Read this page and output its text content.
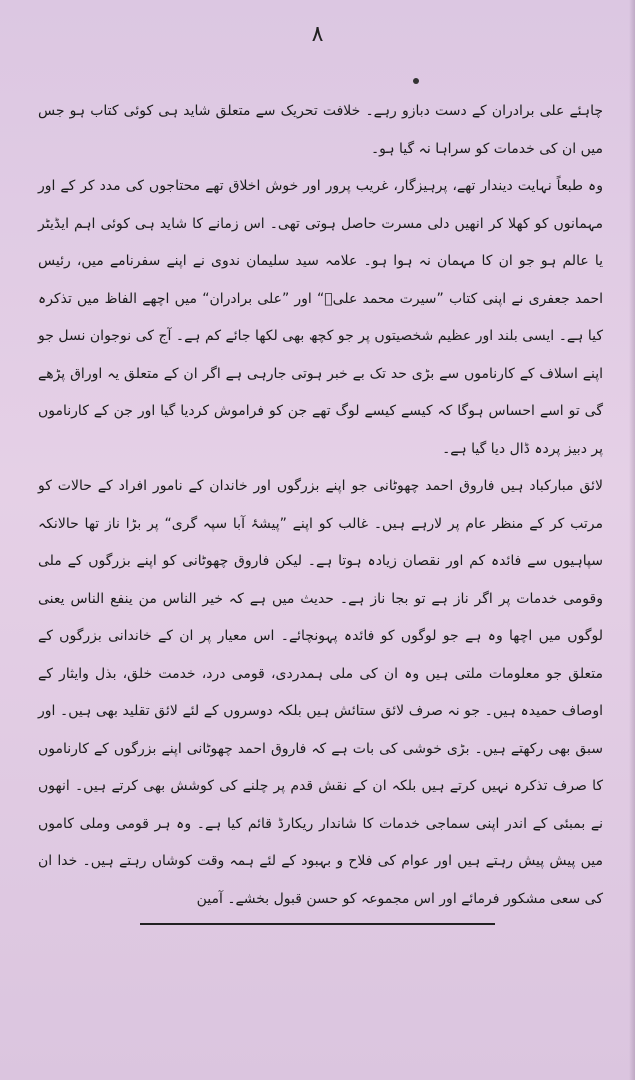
۸

چاہئے علی برادران کے دست دبازو رہے۔ خلافت تحریک سے متعلق شاید ہی کوئی کتاب ہو جس میں ان کی خدمات کو سراہا نہ گیا ہو۔

وہ طبعاً نہایت دیندار تھے، پرہیزگار، غریب پرور اور خوش اخلاق تھے محتاجوں کی مدد کر کے اور مہمانوں کو کھلا کر انھیں دلی مسرت حاصل ہوتی تھی۔ اس زمانے کا شاید ہی کوئی اہم ایڈیٹر یا عالم ہو جو ان کا مہمان نہ ہوا ہو۔ علامہ سید سلیمان ندوی نے اپنے سفرنامے میں، رئیس احمد جعفری نے اپنی کتاب ”سیرت محمد علیؒ“ اور ”علی برادران“ میں اچھے الفاظ میں تذکرہ کیا ہے۔ ایسی بلند اور عظیم شخصیتوں پر جو کچھ بھی لکھا جائے کم ہے۔ آج کی نوجوان نسل جو اپنے اسلاف کے کارناموں سے بڑی حد تک بے خبر ہوتی جارہی ہے اگر ان کے متعلق یہ اوراق پڑھے گی تو اسے احساس ہوگا کہ کیسے کیسے لوگ تھے جن کو فراموش کردیا گیا اور جن کے کارناموں پر دبیز پردہ ڈال دیا گیا ہے۔

لائق مبارکباد ہیں فاروق احمد چھوٹانی جو اپنے بزرگوں اور خاندان کے نامور افراد کے حالات کو مرتب کر کے منظر عام پر لارہے ہیں۔ غالب کو اپنے ”پیشۂ آبا سپہ گری“ پر بڑا ناز تھا حالانکہ سپاہیوں سے فائدہ کم اور نقصان زیادہ ہوتا ہے۔ لیکن فاروق چھوٹانی کو اپنے بزرگوں کے ملی وقومی خدمات پر اگر ناز ہے تو بجا ناز ہے۔ حدیث میں ہے کہ خیر الناس من ینفع الناس یعنی لوگوں میں اچھا وہ ہے جو لوگوں کو فائدہ پہونچائے۔ اس معیار پر ان کے خاندانی بزرگوں کے متعلق جو معلومات ملتی ہیں وہ ان کی ملی ہمدردی، قومی درد، خدمت خلق، بذل وایثار کے اوصاف حمیدہ ہیں۔ جو نہ صرف لائق ستائش ہیں بلکہ دوسروں کے لئے لائق تقلید بھی ہیں۔ اور سبق بھی رکھتے ہیں۔ بڑی خوشی کی بات ہے کہ فاروق احمد چھوٹانی اپنے بزرگوں کے کارناموں کا صرف تذکرہ نہیں کرتے ہیں بلکہ ان کے نقش قدم پر چلنے کی کوشش بھی کرتے ہیں۔ انھوں نے بمبئی کے اندر اپنی سماجی خدمات کا شاندار ریکارڈ قائم کیا ہے۔ وہ ہر قومی وملی کاموں میں پیش پیش رہتے ہیں اور عوام کی فلاح و بہبود کے لئے ہمہ وقت کوشاں رہتے ہیں۔ خدا ان کی سعی مشکور فرمائے اور اس مجموعہ کو حسن قبول بخشے۔ آمین
